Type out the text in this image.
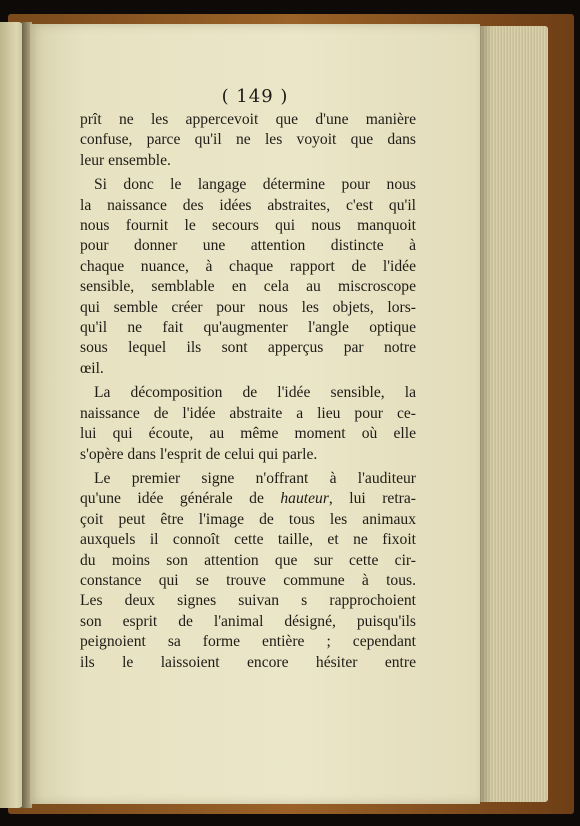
( 149 )

prît ne les appercevoit que d'une manière
confuse, parce qu'il ne les voyoit que dans
leur ensemble.

Si donc le langage détermine pour nous
la naissance des idées abstraites, c'est qu'il
nous fournit le secours qui nous manquoit
pour donner une attention distincte à
chaque nuance, à chaque rapport de l'idée
sensible, semblable en cela au miscroscope
qui semble créer pour nous les objets, lors-
qu'il ne fait qu'augmenter l'angle optique
sous lequel ils sont apperçus par notre
œil.

La décomposition de l'idée sensible, la
naissance de l'idée abstraite a lieu pour ce-
lui qui écoute, au même moment où elle
s'opère dans l'esprit de celui qui parle.

Le premier signe n'offrant à l'auditeur
qu'une idée générale de hauteur, lui retra-
çoit peut être l'image de tous les animaux
auxquels il connoît cette taille, et ne fixoit
du moins son attention que sur cette cir-
constance qui se trouve commune à tous.
Les deux signes suivan s rapprochoient
son esprit de l'animal désigné, puisqu'ils
peignoient sa forme entière ; cependant
ils le laissoient encore hésiter entre
